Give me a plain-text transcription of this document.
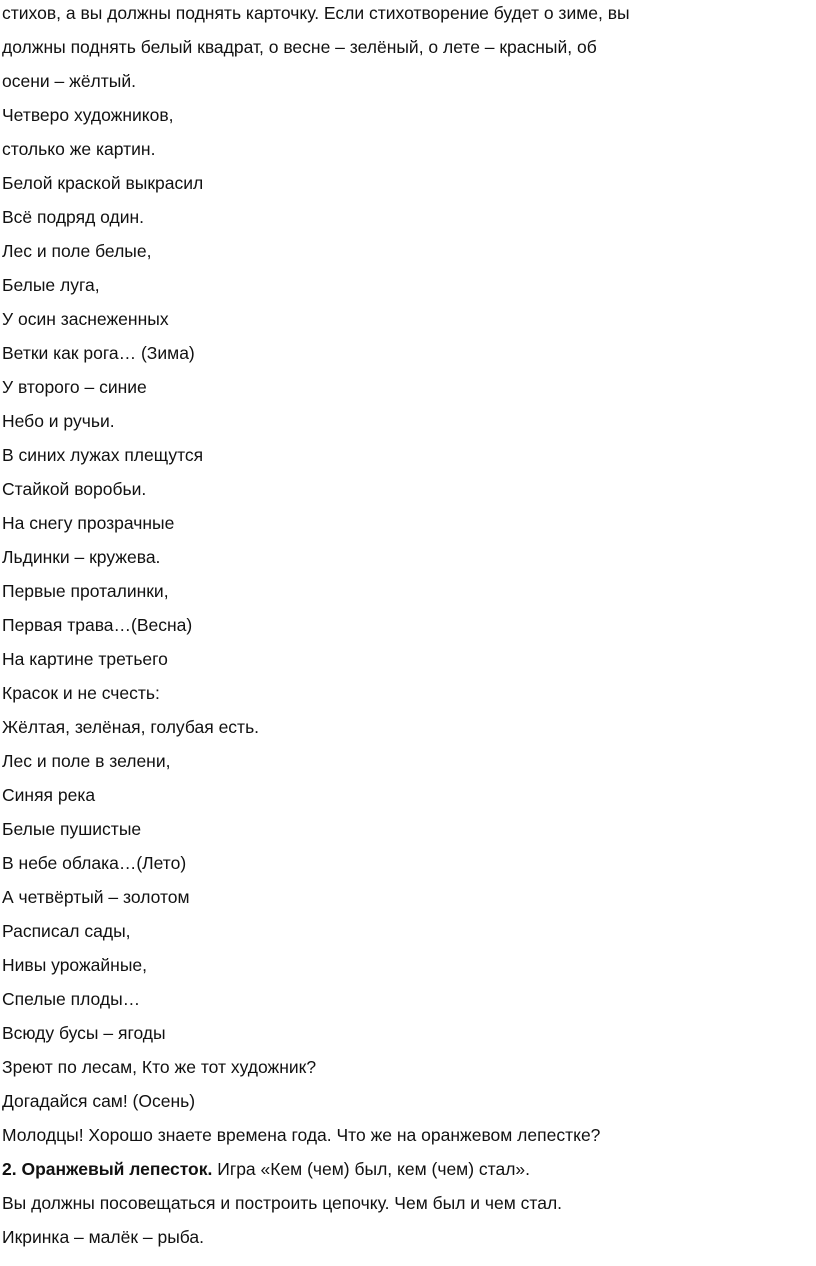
стихов, а вы должны поднять карточку. Если стихотворение будет о зиме, вы
должны поднять белый квадрат, о весне – зелёный, о лете – красный, об
осени – жёлтый.
Четверо художников,
столько же картин.
Белой краской выкрасил
Всё подряд один.
Лес и поле белые,
Белые луга,
У осин заснеженных
Ветки как рога… (Зима)
У второго – синие
Небо и ручьи.
В синих лужах плещутся
Стайкой воробьи.
На снегу прозрачные
Льдинки – кружева.
Первые проталинки,
Первая трава…(Весна)
На картине третьего
Красок и не счесть:
Жёлтая, зелёная, голубая есть.
Лес и поле в зелени,
Синяя река
Белые пушистые
В небе облака…(Лето)
А четвёртый – золотом
Расписал сады,
Нивы урожайные,
Спелые плоды…
Всюду бусы – ягоды
Зреют по лесам, Кто же тот художник?
Догадайся сам! (Осень)
Молодцы! Хорошо знаете времена года. Что же на оранжевом лепестке?
2. Оранжевый лепесток. Игра «Кем (чем) был, кем (чем) стал».
Вы должны посовещаться и построить цепочку. Чем был и чем стал.
Икринка – малёк – рыба.
